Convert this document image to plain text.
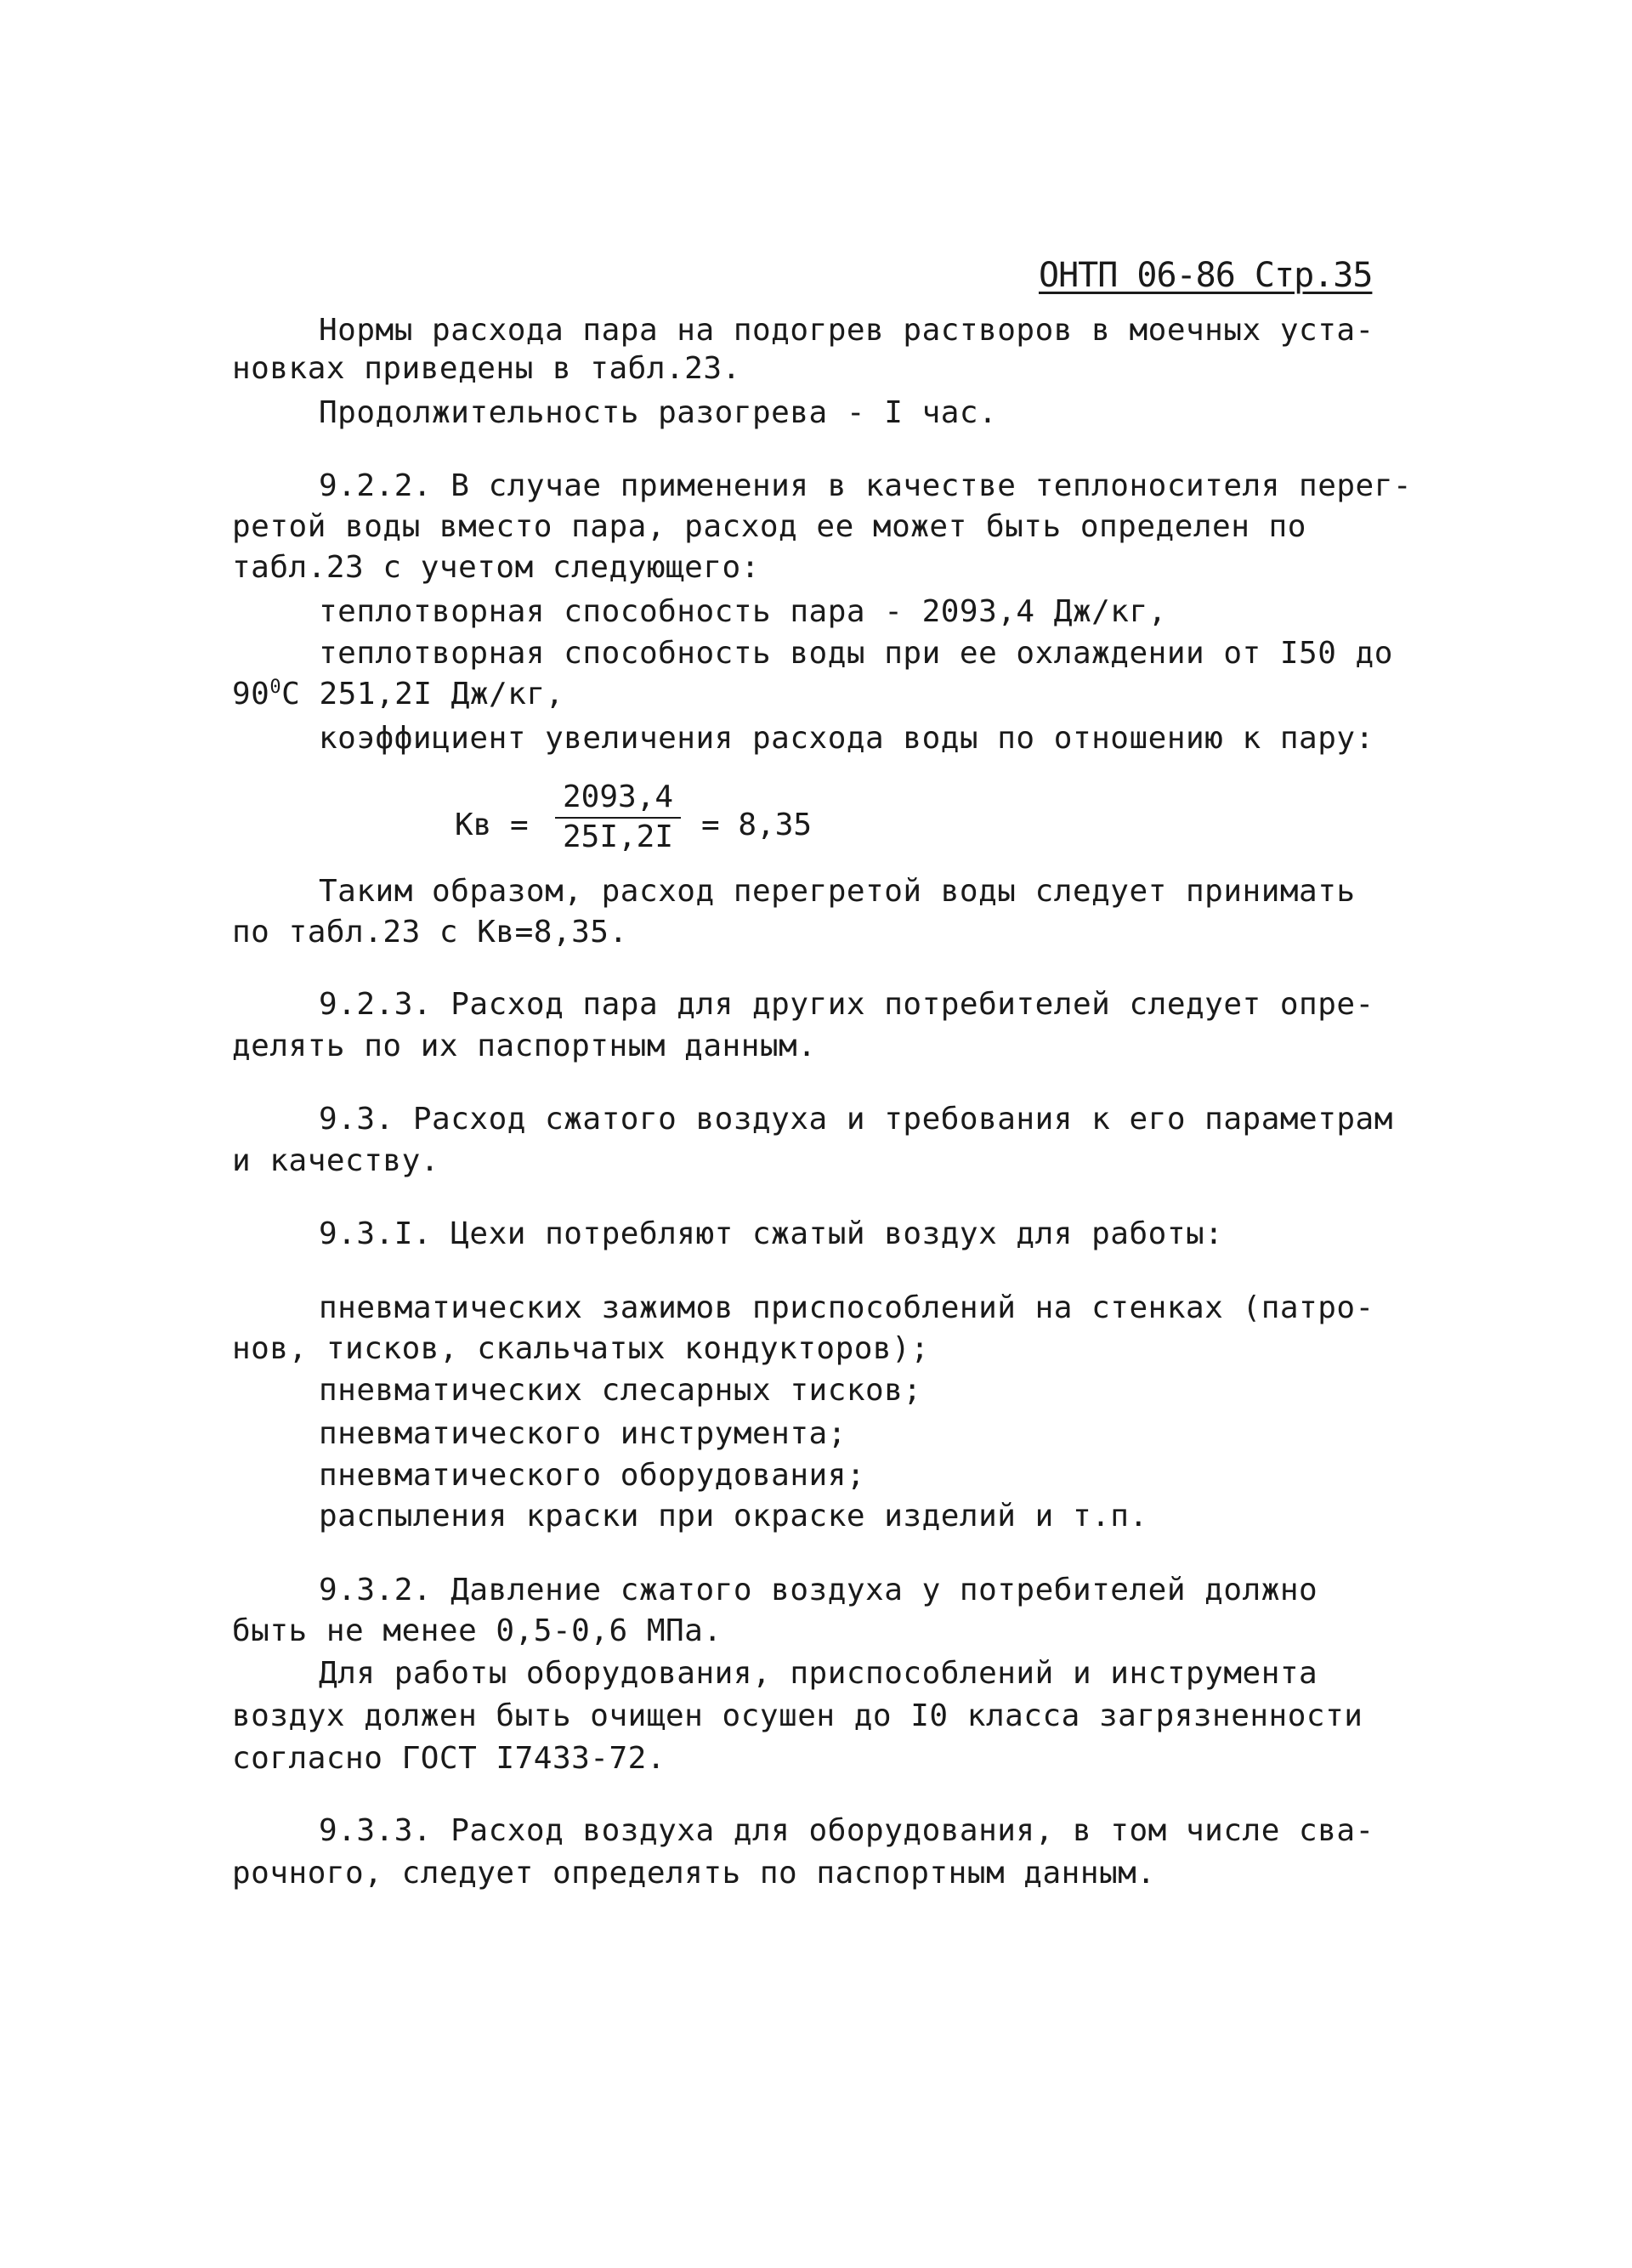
ОНТП 06-86 Стр.35
Нормы расхода пара на подогрев растворов в моечных уста-
новках приведены в табл.23.
Продолжительность разогрева - I час.
9.2.2. В случае применения в качестве теплоносителя перег-
ретой воды вместо пара, расход ее может быть определен по
табл.23 с учетом следующего:
теплотворная способность пара - 2093,4 Дж/кг,
теплотворная способность воды при ее охлаждении от I50 до
$90^0С$ 251,2I Дж/кг,
коэффициент увеличения расхода воды по отношению к пару:
Кв =
2093,4
25I,2I = 8,35
Таким образом, расход перегретой воды следует принимать
по табл.23 с Кв=8,35.
9.2.3. Расход пара для других потребителей следует опре-
делять по их паспортным данным.
9.3. Расход сжатого воздуха и требования к его параметрам
и качеству.
9.3.I. Цехи потребляют сжатый воздух для работы:
пневматических зажимов приспособлений на стенках (патро-
нов, тисков, скальчатых кондукторов);
пневматических слесарных тисков;
пневматического инструмента;
пневматического оборудования;
распыления краски при окраске изделий и т.п.
9.3.2. Давление сжатого воздуха у потребителей должно
быть не менее 0,5-0,6 МПа.
Для работы оборудования, приспособлений и инструмента
воздух должен быть очищен осушен до I0 класса загрязненности
согласно ГОСТ I7433-72.
9.3.3. Расход воздуха для оборудования, в том числе сва-
рочного, следует определять по паспортным данным.
